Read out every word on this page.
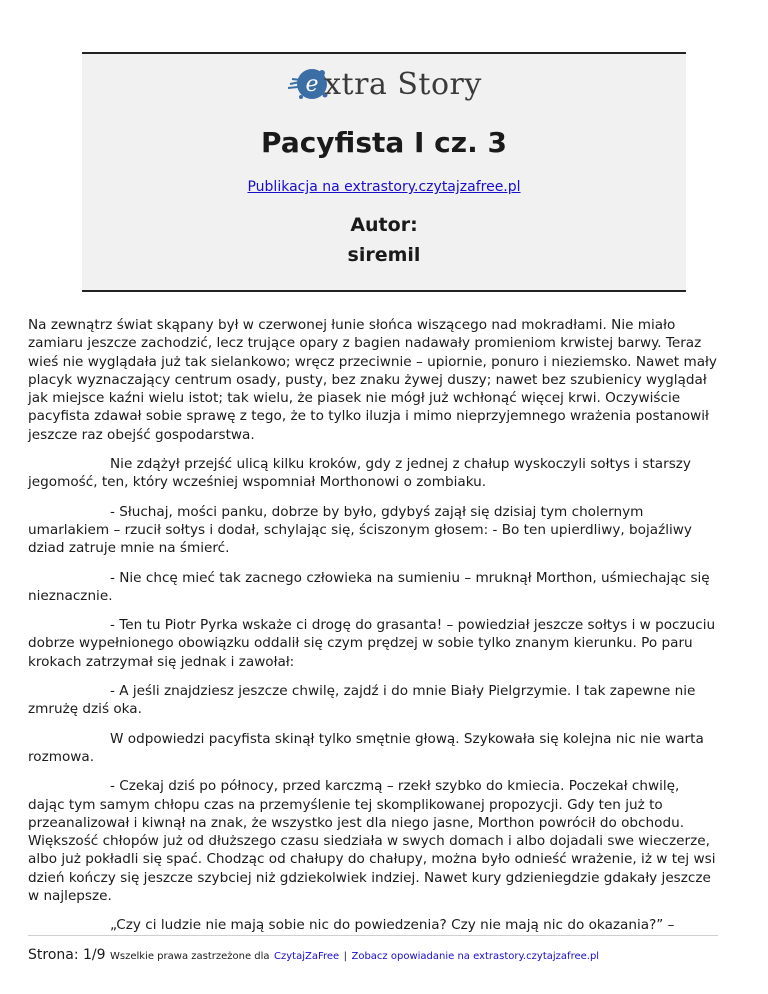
e xtra Story
Pacyfista I cz. 3
Publikacja na extrastory.czytajzafree.pl
Autor:
siremil

Na zewnątrz świat skąpany był w czerwonej łunie słońca wiszącego nad mokradłami. Nie miało zamiaru jeszcze zachodzić, lecz trujące opary z bagien nadawały promieniom krwistej barwy. Teraz wieś nie wyglądała już tak sielankowo; wręcz przeciwnie – upiornie, ponuro i nieziemsko. Nawet mały placyk wyznaczający centrum osady, pusty, bez znaku żywej duszy; nawet bez szubienicy wyglądał jak miejsce kaźni wielu istot; tak wielu, że piasek nie mógł już wchłonąć więcej krwi. Oczywiście pacyfista zdawał sobie sprawę z tego, że to tylko iluzja i mimo nieprzyjemnego wrażenia postanowił jeszcze raz obejść gospodarstwa.

Nie zdążył przejść ulicą kilku kroków, gdy z jednej z chałup wyskoczyli sołtys i starszy jegomość, ten, który wcześniej wspomniał Morthonowi o zombiaku.

- Słuchaj, mości panku, dobrze by było, gdybyś zajął się dzisiaj tym cholernym umarlakiem – rzucił sołtys i dodał, schylając się, ściszonym głosem: - Bo ten upierdliwy, bojaźliwy dziad zatruje mnie na śmierć.

- Nie chcę mieć tak zacnego człowieka na sumieniu – mruknął Morthon, uśmiechając się nieznacznie.

- Ten tu Piotr Pyrka wskaże ci drogę do grasanta! – powiedział jeszcze sołtys i w poczuciu dobrze wypełnionego obowiązku oddalił się czym prędzej w sobie tylko znanym kierunku. Po paru krokach zatrzymał się jednak i zawołał:

- A jeśli znajdziesz jeszcze chwilę, zajdź i do mnie Biały Pielgrzymie. I tak zapewne nie zmrużę dziś oka.

W odpowiedzi pacyfista skinął tylko smętnie głową. Szykowała się kolejna nic nie warta rozmowa.

- Czekaj dziś po północy, przed karczmą – rzekł szybko do kmiecia. Poczekał chwilę, dając tym samym chłopu czas na przemyślenie tej skomplikowanej propozycji. Gdy ten już to przeanalizował i kiwnął na znak, że wszystko jest dla niego jasne, Morthon powrócił do obchodu. Większość chłopów już od dłuższego czasu siedziała w swych domach i albo dojadali swe wieczerze, albo już pokładli się spać. Chodząc od chałupy do chałupy, można było odnieść wrażenie, iż w tej wsi dzień kończy się jeszcze szybciej niż gdziekolwiek indziej. Nawet kury gdzieniegdzie gdakały jeszcze w najlepsze.

„Czy ci ludzie nie mają sobie nic do powiedzenia? Czy nie mają nic do okazania?” –

Strona: 1/9 Wszelkie prawa zastrzeżone dla CzytajZaFree | Zobacz opowiadanie na extrastory.czytajzafree.pl
